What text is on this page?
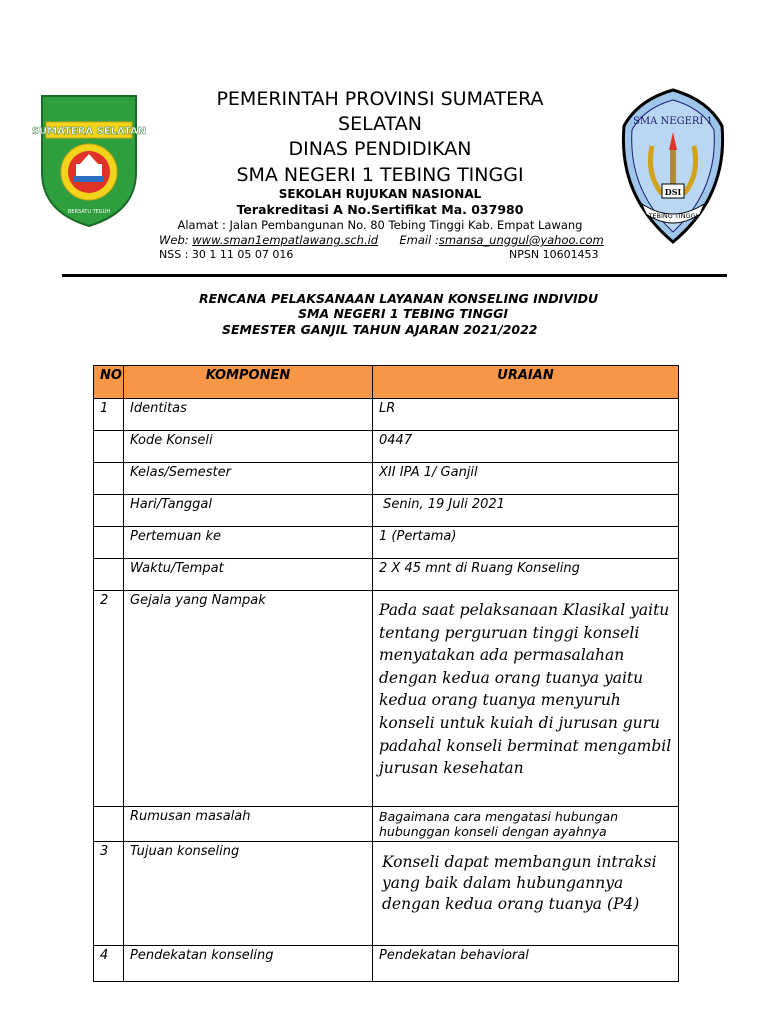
SUMATERA SELATAN
BERSATU TEGUH
SMA NEGERI 1
DSI
TEBING TINGGI
PEMERINTAH PROVINSI SUMATERA
SELATAN
DINAS PENDIDIKAN
SMA NEGERI 1 TEBING TINGGI
SEKOLAH RUJUKAN NASIONAL
Terakreditasi A No.Sertifikat Ma. 037980
Alamat : Jalan Pembangunan No. 80 Tebing Tinggi Kab. Empat Lawang
Web: www.sman1empatlawang.sch.id Email :smansa_unggul@yahoo.com
NSS : 30 1 11 05 07 016	NPSN 10601453
RENCANA PELAKSANAAN LAYANAN KONSELING INDIVIDU
SMA NEGERI 1 TEBING TINGGI
SEMESTER GANJIL TAHUN AJARAN 2021/2022
NO	KOMPONEN	URAIAN
1	Identitas	LR
	Kode Konseli	0447
	Kelas/Semester	XII IPA 1/ Ganjil
	Hari/Tanggal	Senin, 19 Juli 2021
	Pertemuan ke	1 (Pertama)
	Waktu/Tempat	2 X 45 mnt di Ruang Konseling
2	Gejala yang Nampak	Pada saat pelaksanaan Klasikal yaitu tentang perguruan tinggi konseli menyatakan ada permasalahan dengan kedua orang tuanya yaitu kedua orang tuanya menyuruh konseli untuk kuiah di jurusan guru padahal konseli berminat mengambil jurusan kesehatan

	Rumusan masalah	Bagaimana cara mengatasi hubungan hubunggan konseli dengan ayahnya

3	Tujuan konseling	Konseli dapat membangun intraksi yang baik dalam hubungannya dengan kedua orang tuanya (P4)

4	Pendekatan konseling	Pendekatan behavioral
